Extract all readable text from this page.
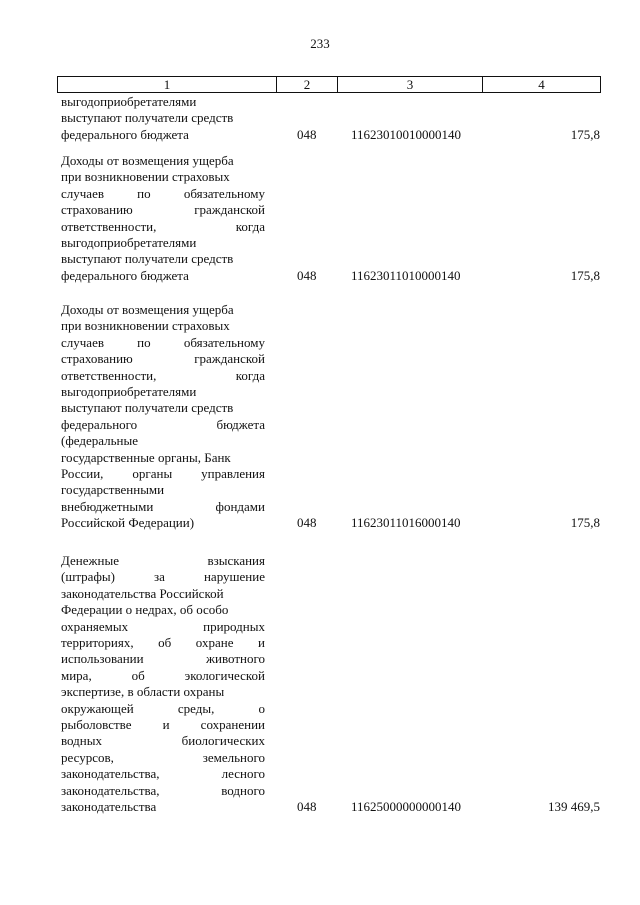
233
1	2	3	4
выгодоприобретателями
выступают получатели средств
федерального бюджета	048	11623010010000140	175,8
Доходы от возмещения ущерба
при возникновении страховых
случаев	по	обязательному
страхованию	гражданской
ответственности,	когда
выгодоприобретателями
выступают получатели средств
федерального бюджета	048	11623011010000140	175,8
Доходы от возмещения ущерба
при возникновении страховых
случаев	по	обязательному
страхованию	гражданской
ответственности,	когда
выгодоприобретателями
выступают получатели средств
федерального	бюджета
(федеральные
государственные органы, Банк
России, органы управления
государственными
внебюджетными	фондами
Российской Федерации)	048	11623011016000140	175,8
Денежные	взыскания
(штрафы)	за	нарушение
законодательства Российской
Федерации о недрах, об особо
охраняемых	природных
территориях, об охране и
использовании	животного
мира,	об	экологической
экспертизе, в области охраны
окружающей	среды,	о
рыболовстве и сохранении
водных	биологических
ресурсов,	земельного
законодательства,	лесного
законодательства,	водного
законодательства	048	11625000000000140	139 469,5
